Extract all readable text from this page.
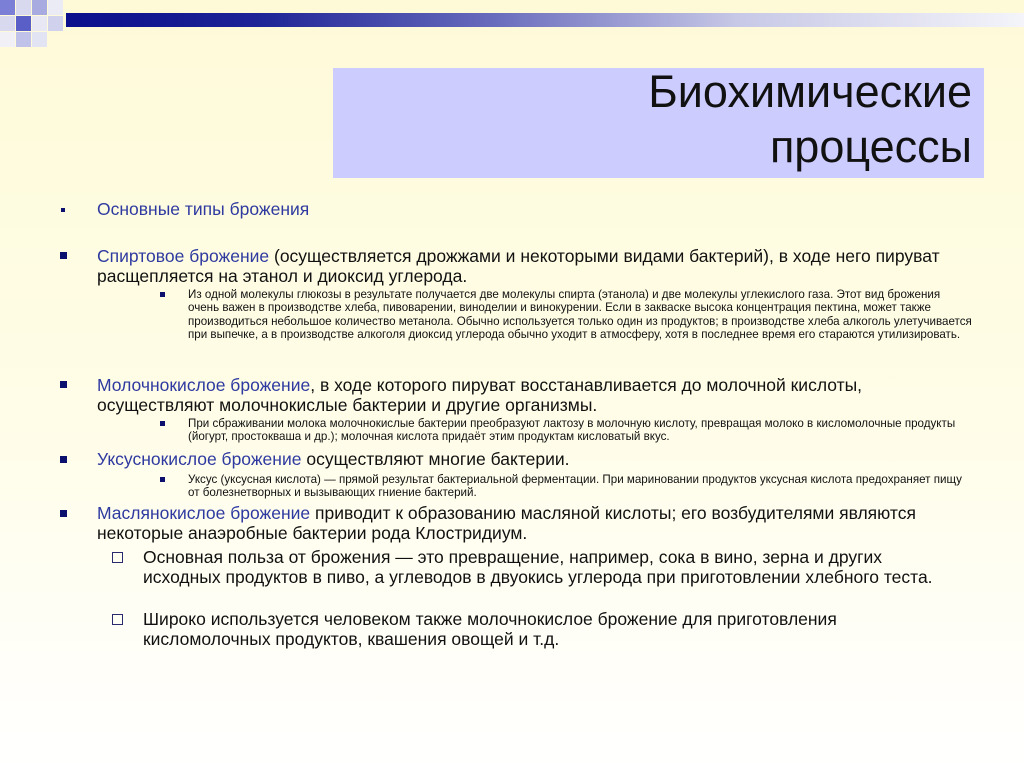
Биохимические процессы

Основные типы брожения

Спиртовое брожение (осуществляется дрожжами и некоторыми видами бактерий), в ходе него пируват расщепляется на этанол и диоксид углерода.

Из одной молекулы глюкозы в результате получается две молекулы спирта (этанола) и две молекулы углекислого газа. Этот вид брожения очень важен в производстве хлеба, пивоварении, виноделии и винокурении. Если в закваске высока концентрация пектина, может также производиться небольшое количество метанола. Обычно используется только один из продуктов; в производстве хлеба алкоголь улетучивается при выпечке, а в производстве алкоголя диоксид углерода обычно уходит в атмосферу, хотя в последнее время его стараются утилизировать.

Молочнокислое брожение, в ходе которого пируват восстанавливается до молочной кислоты, осуществляют молочнокислые бактерии и другие организмы.

При сбраживании молока молочнокислые бактерии преобразуют лактозу в молочную кислоту, превращая молоко в кисломолочные продукты (йогурт, простокваша и др.); молочная кислота придаёт этим продуктам кисловатый вкус.

Уксуснокислое брожение осуществляют многие бактерии.

Уксус (уксусная кислота) — прямой результат бактериальной ферментации. При мариновании продуктов уксусная кислота предохраняет пищу от болезнетворных и вызывающих гниение бактерий.

Маслянокислое брожение приводит к образованию масляной кислоты; его возбудителями являются некоторые анаэробные бактерии рода Клостридиум.

Основная польза от брожения — это превращение, например, сока в вино, зерна и других исходных продуктов в пиво, а углеводов в двуокись углерода при приготовлении хлебного теста.

Широко используется человеком также молочнокислое брожение для приготовления кисломолочных продуктов, квашения овощей и т.д.
